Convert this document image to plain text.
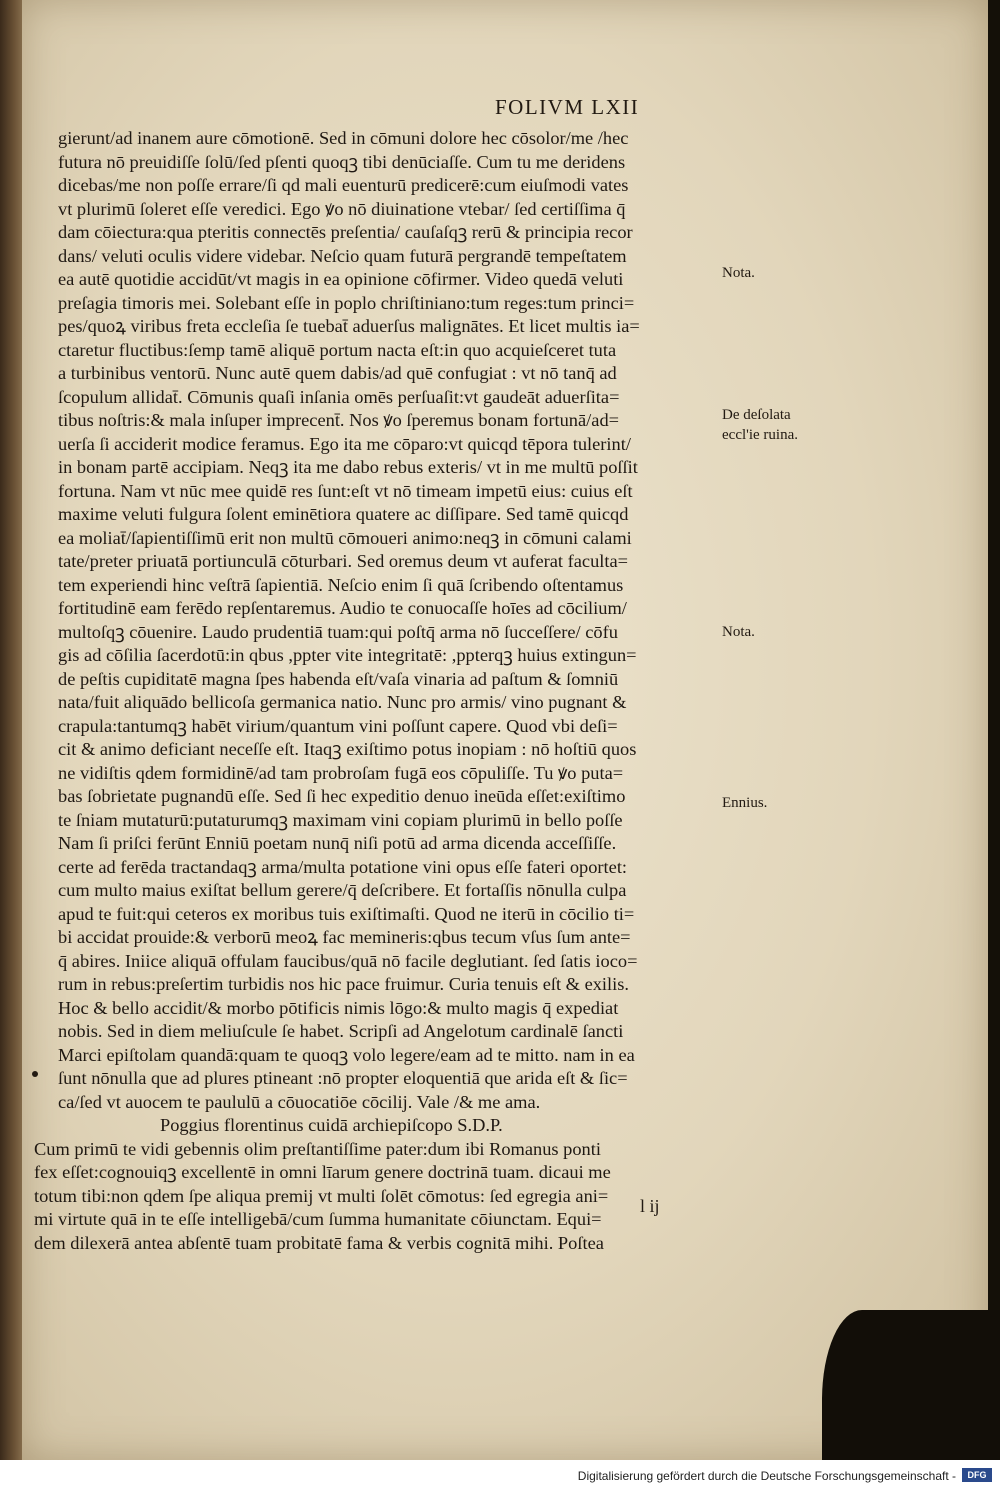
FOLIVM LXII
gierunt/ad inanem aure cōmotionē. Sed in cōmuni dolore hec cōsolor/me /hec
futura nō preuidiſſe ſolū/ſed pſenti quoqꝫ tibi denūciaſſe. Cum tu me deridens
dicebas/me non poſſe errare/ſi qd mali euenturū predicerē:cum eiuſmodi vates
vt plurimū ſoleret eſſe veredici. Ego ꝟo nō diuinatione vtebar/ ſed certiſſima q̄
dam cōiectura:qua pteritis connectēs preſentia/ cauſaſqꝫ rerū & principia recor
dans/ veluti oculis videre videbar. Neſcio quam futurā pergrandē tempeſtatem
ea autē quotidie accidūt/vt magis in ea opinione cōfirmer. Video quedā veluti
preſagia timoris mei. Solebant eſſe in poplo chriſtiniano:tum reges:tum princi=
pes/quoꝝ viribus freta eccleſia ſe tuebat̄ aduerſus malignātes. Et licet multis ia=
ctaretur fluctibus:ſemp tamē aliquē portum nacta eſt:in quo acquieſceret tuta
a turbinibus ventorū. Nunc autē quem dabis/ad quē confugiat : vt nō tanq̄ ad
ſcopulum allidat̄. Cōmunis quaſi inſania omēs perſuaſit:vt gaudeāt aduerſita=
tibus noſtris:& mala inſuper imprecent̄. Nos ꝟo ſperemus bonam fortunā/ad=
uerſa ſi acciderit modice feramus. Ego ita me cōparo:vt quicqd tēpora tulerint/
in bonam partē accipiam. Neqꝫ ita me dabo rebus exteris/ vt in me multū poſſit
fortuna. Nam vt nūc mee quidē res ſunt:eſt vt nō timeam impetū eius: cuius eſt
maxime veluti fulgura ſolent eminētiora quatere ac diſſipare. Sed tamē quicqd
ea moliat̄/ſapientiſſimū erit non multū cōmoueri animo:neqꝫ in cōmuni calami
tate/preter priuatā portiunculā cōturbari. Sed oremus deum vt auferat faculta=
tem experiendi hinc veſtrā ſapientiā. Neſcio enim ſi quā ſcribendo oſtentamus
fortitudinē eam ferēdo repſentaremus. Audio te conuocaſſe hoīes ad cōcilium/
multoſqꝫ cōuenire. Laudo prudentiā tuam:qui poſtq̄ arma nō ſucceſſere/ cōfu
gis ad cōſilia ſacerdotū:in qbus ,ppter vite integritatē: ,ppterqꝫ huius extingun=
de peſtis cupiditatē magna ſpes habenda eſt/vaſa vinaria ad paſtum & ſomniū
nata/fuit aliquādo bellicoſa germanica natio. Nunc pro armis/ vino pugnant &
crapula:tantumqꝫ habēt virium/quantum vini poſſunt capere. Quod vbi deſi=
cit & animo deficiant neceſſe eſt. Itaqꝫ exiſtimo potus inopiam : nō hoſtiū quos
ne vidiſtis qdem formidinē/ad tam probroſam fugā eos cōpuliſſe. Tu ꝟo puta=
bas ſobrietate pugnandū eſſe. Sed ſi hec expeditio denuo ineūda eſſet:exiſtimo
te ſniam mutaturū:putaturumqꝫ maximam vini copiam plurimū in bello poſſe
Nam ſi priſci ferūnt Enniū poetam nunq̄ niſi potū ad arma dicenda acceſſiſſe.
certe ad ferēda tractandaqꝫ arma/multa potatione vini opus eſſe fateri oportet:
cum multo maius exiſtat bellum gerere/q̄ deſcribere. Et fortaſſis nōnulla culpa
apud te fuit:qui ceteros ex moribus tuis exiſtimaſti. Quod ne iterū in cōcilio ti=
bi accidat prouide:& verborū meoꝝ fac memineris:qbus tecum vſus ſum ante=
q̄ abires. Iniice aliquā offulam faucibus/quā nō facile deglutiant. ſed ſatis ioco=
rum in rebus:preſertim turbidis nos hic pace fruimur. Curia tenuis eſt & exilis.
Hoc & bello accidit/& morbo pōtificis nimis lōgo:& multo magis q̄ expediat
nobis. Sed in diem meliuſcule ſe habet. Scripſi ad Angelotum cardinalē ſancti
Marci epiſtolam quandā:quam te quoqꝫ volo legere/eam ad te mitto. nam in ea
ſunt nōnulla que ad plures ptineant :nō propter eloquentiā que arida eſt & ſic=
ca/ſed vt auocem te paululū a cōuocatiōe cōcilij. Vale /& me ama.
Poggius florentinus cuidā archiepiſcopo S.D.P.
Cum primū te vidi gebennis olim preſtantiſſime pater:dum ibi Romanus ponti
fex eſſet:cognouiqꝫ excellentē in omni līarum genere doctrinā tuam. dicaui me
totum tibi:non qdem ſpe aliqua premij vt multi ſolēt cōmotus: ſed egregia ani=
mi virtute quā in te eſſe intelligebā/cum ſumma humanitate cōiunctam. Equi=
dem dilexerā antea abſentē tuam probitatē fama & verbis cognitā mihi. Poſtea
Nota.
De deſolata
eccl'ie ruina.
Nota.
Ennius.
l ij
Digitalisierung gefördert durch die Deutsche Forschungsgemeinschaft -	DFG
